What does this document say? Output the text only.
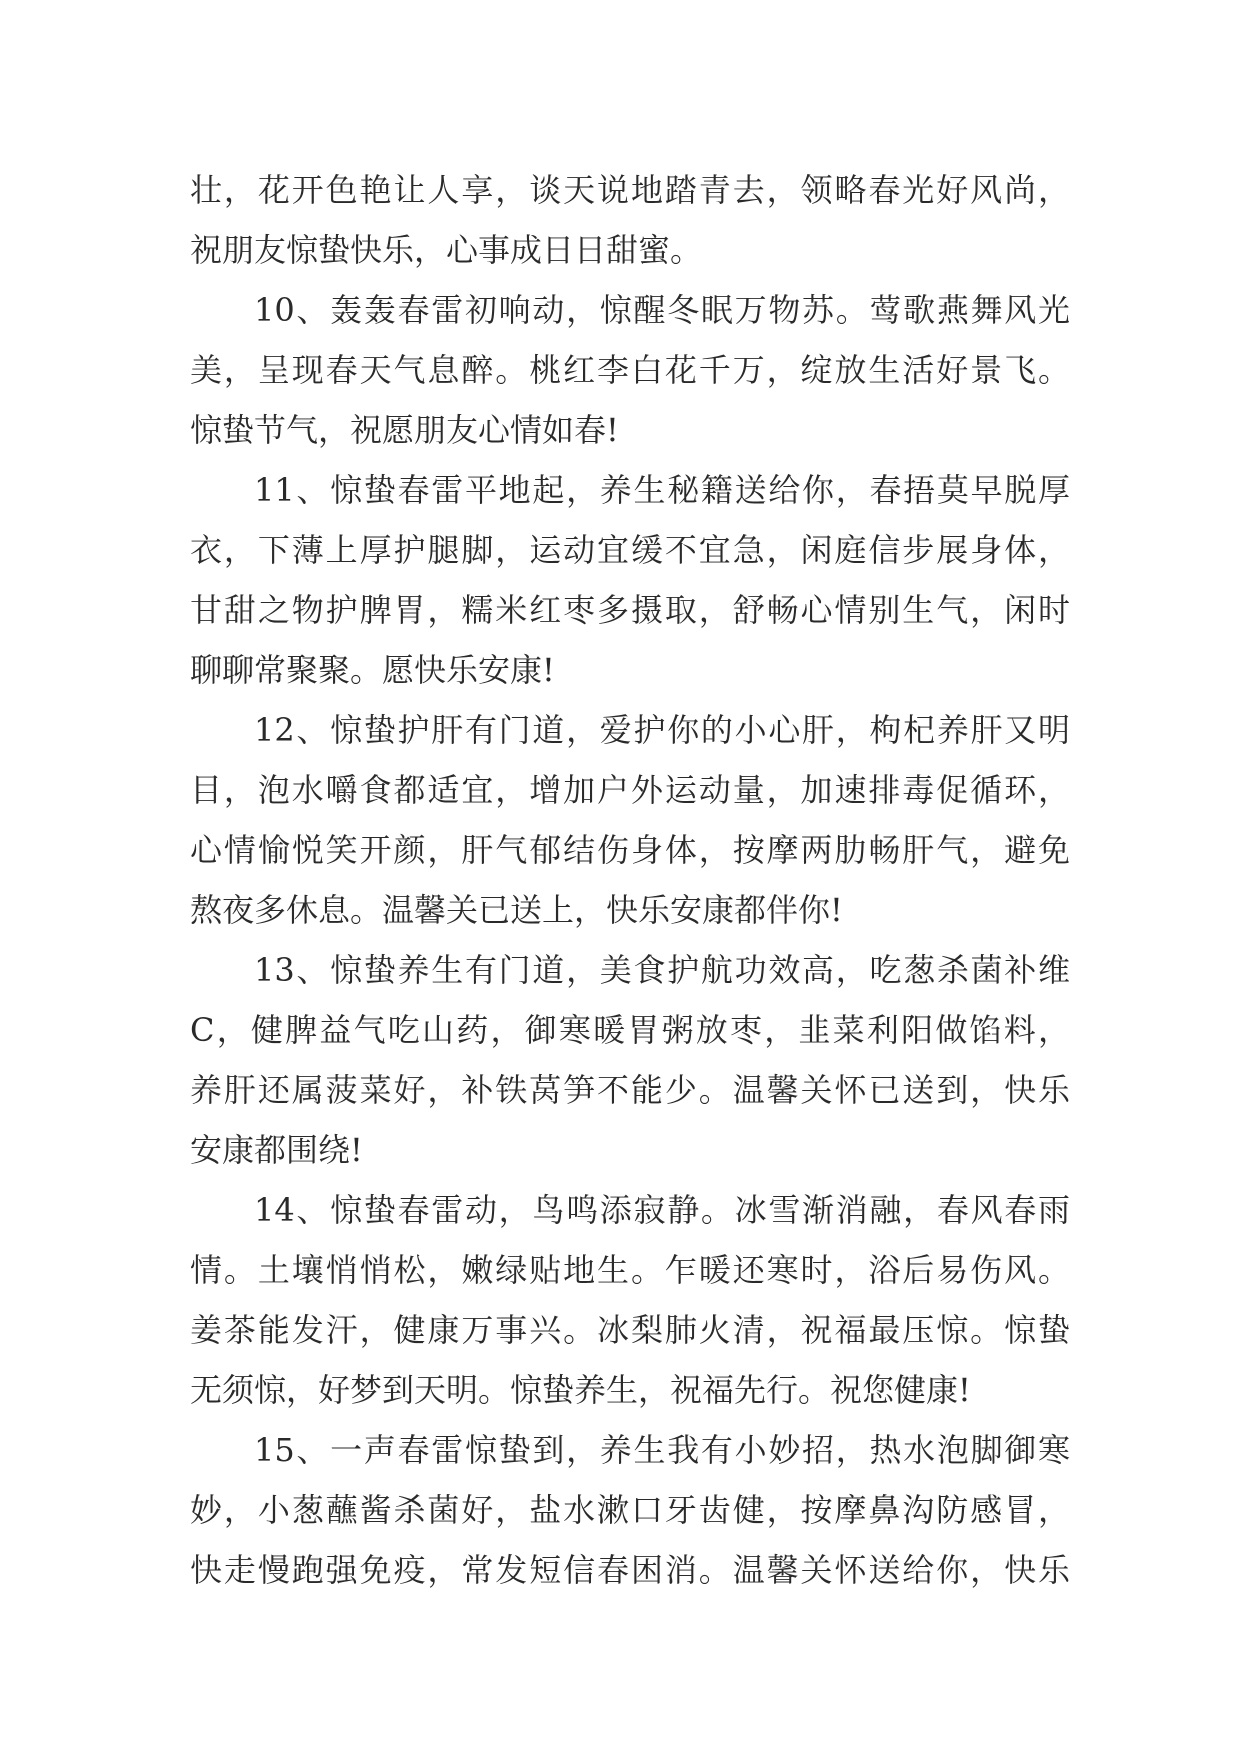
壮，花开色艳让人享，谈天说地踏青去，领略春光好风尚，
祝朋友惊蛰快乐，心事成日日甜蜜。
10、轰轰春雷初响动，惊醒冬眠万物苏。莺歌燕舞风光
美，呈现春天气息醉。桃红李白花千万，绽放生活好景飞。
惊蛰节气，祝愿朋友心情如春!
11、惊蛰春雷平地起，养生秘籍送给你，春捂莫早脱厚
衣，下薄上厚护腿脚，运动宜缓不宜急，闲庭信步展身体，
甘甜之物护脾胃，糯米红枣多摄取，舒畅心情别生气，闲时
聊聊常聚聚。愿快乐安康!
12、惊蛰护肝有门道，爱护你的小心肝，枸杞养肝又明
目，泡水嚼食都适宜，增加户外运动量，加速排毒促循环，
心情愉悦笑开颜，肝气郁结伤身体，按摩两肋畅肝气，避免
熬夜多休息。温馨关已送上，快乐安康都伴你!
13、惊蛰养生有门道，美食护航功效高，吃葱杀菌补维
C，健脾益气吃山药，御寒暖胃粥放枣，韭菜利阳做馅料，
养肝还属菠菜好，补铁莴笋不能少。温馨关怀已送到，快乐
安康都围绕!
14、惊蛰春雷动，鸟鸣添寂静。冰雪渐消融，春风春雨
情。土壤悄悄松，嫩绿贴地生。乍暖还寒时，浴后易伤风。
姜茶能发汗，健康万事兴。冰梨肺火清，祝福最压惊。惊蛰
无须惊，好梦到天明。惊蛰养生，祝福先行。祝您健康!
15、一声春雷惊蛰到，养生我有小妙招，热水泡脚御寒
妙，小葱蘸酱杀菌好，盐水漱口牙齿健，按摩鼻沟防感冒，
快走慢跑强免疫，常发短信春困消。温馨关怀送给你，快乐
